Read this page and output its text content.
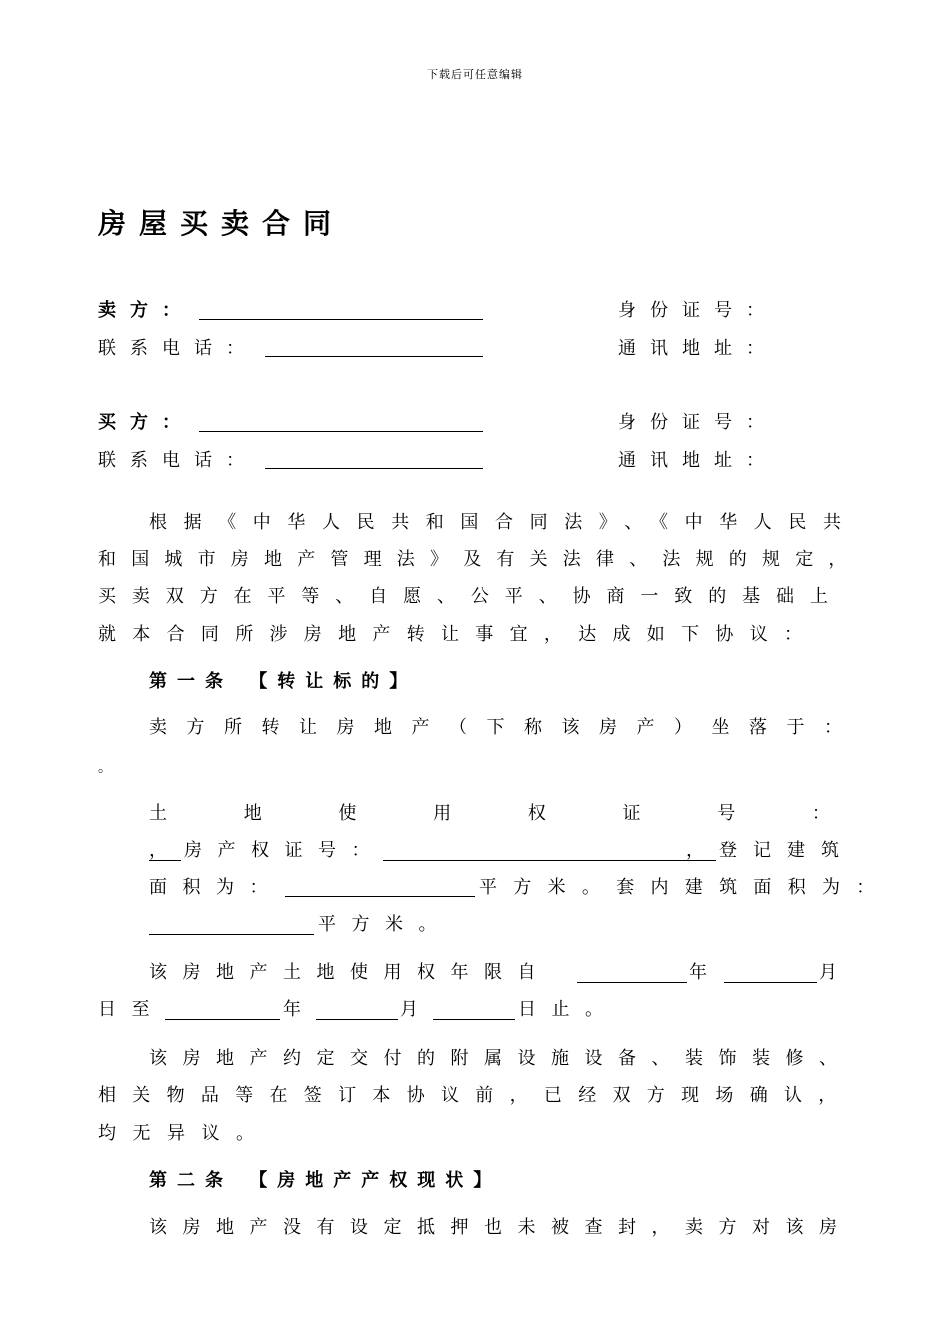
下载后可任意编辑
房屋买卖合同
卖方：	身份证号：
联系电话：	通讯地址：
买方：	身份证号：
联系电话：	通讯地址：
根据《中华人民共和国合同法》、《中华人民共
和国城市房地产管理法》及有关法律、法规的规定，
买卖双方在平等、自愿、公平、协商一致的基础上
就本合同所涉房地产转让事宜，达成如下协议：
第一条 【转让标的】
卖方所转让房地产（下称该房产）坐落于：
。
土	地	使	用	权	证	号	：
， 房产权证号：	， 登记建筑
面积为：	平方米。套内建筑面积为：
平方米。
该房地产土地使用权年限自	年	月
日至	年	月	日止。
该房地产约定交付的附属设施设备、装饰装修、
相关物品等在签订本协议前，已经双方现场确认，
均无异议。
第二条 【房地产产权现状】
该房地产没有设定抵押也未被查封，卖方对该房
